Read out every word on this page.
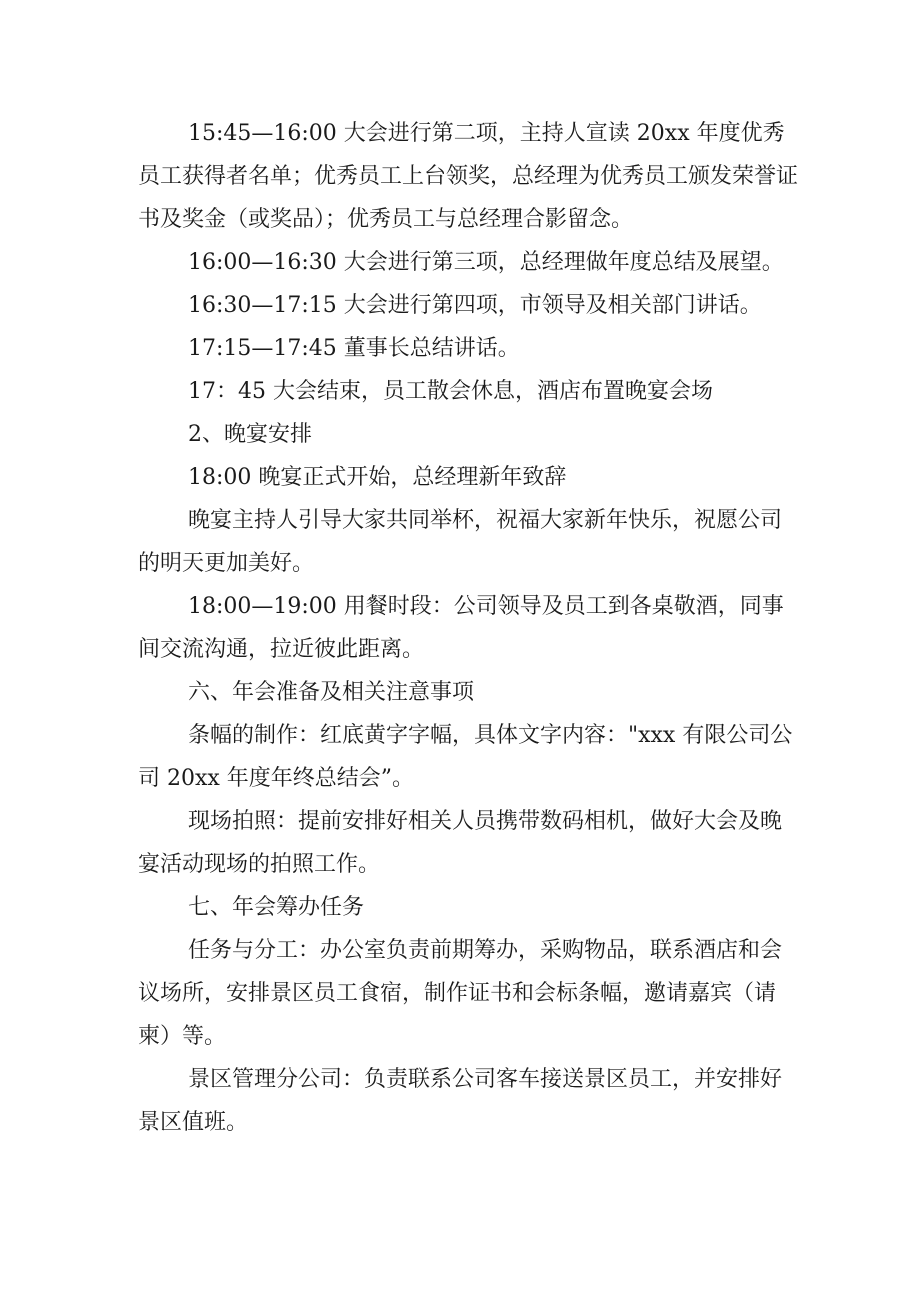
15:45—16:00 大会进行第二项，主持人宣读 20xx 年度优秀员工获得者名单；优秀员工上台领奖，总经理为优秀员工颁发荣誉证书及奖金（或奖品）；优秀员工与总经理合影留念。

16:00—16:30 大会进行第三项，总经理做年度总结及展望。

16:30—17:15 大会进行第四项，市领导及相关部门讲话。

17:15—17:45 董事长总结讲话。

17：45 大会结束，员工散会休息，酒店布置晚宴会场

2、晚宴安排

18:00 晚宴正式开始，总经理新年致辞

晚宴主持人引导大家共同举杯，祝福大家新年快乐，祝愿公司的明天更加美好。

18:00—19:00 用餐时段：公司领导及员工到各桌敬酒，同事间交流沟通，拉近彼此距离。

六、年会准备及相关注意事项

条幅的制作：红底黄字字幅，具体文字内容："xxx 有限公司公司 20xx 年度年终总结会”。

现场拍照：提前安排好相关人员携带数码相机，做好大会及晚宴活动现场的拍照工作。

七、年会筹办任务

任务与分工：办公室负责前期筹办，采购物品，联系酒店和会议场所，安排景区员工食宿，制作证书和会标条幅，邀请嘉宾（请柬）等。

景区管理分公司：负责联系公司客车接送景区员工，并安排好景区值班。
